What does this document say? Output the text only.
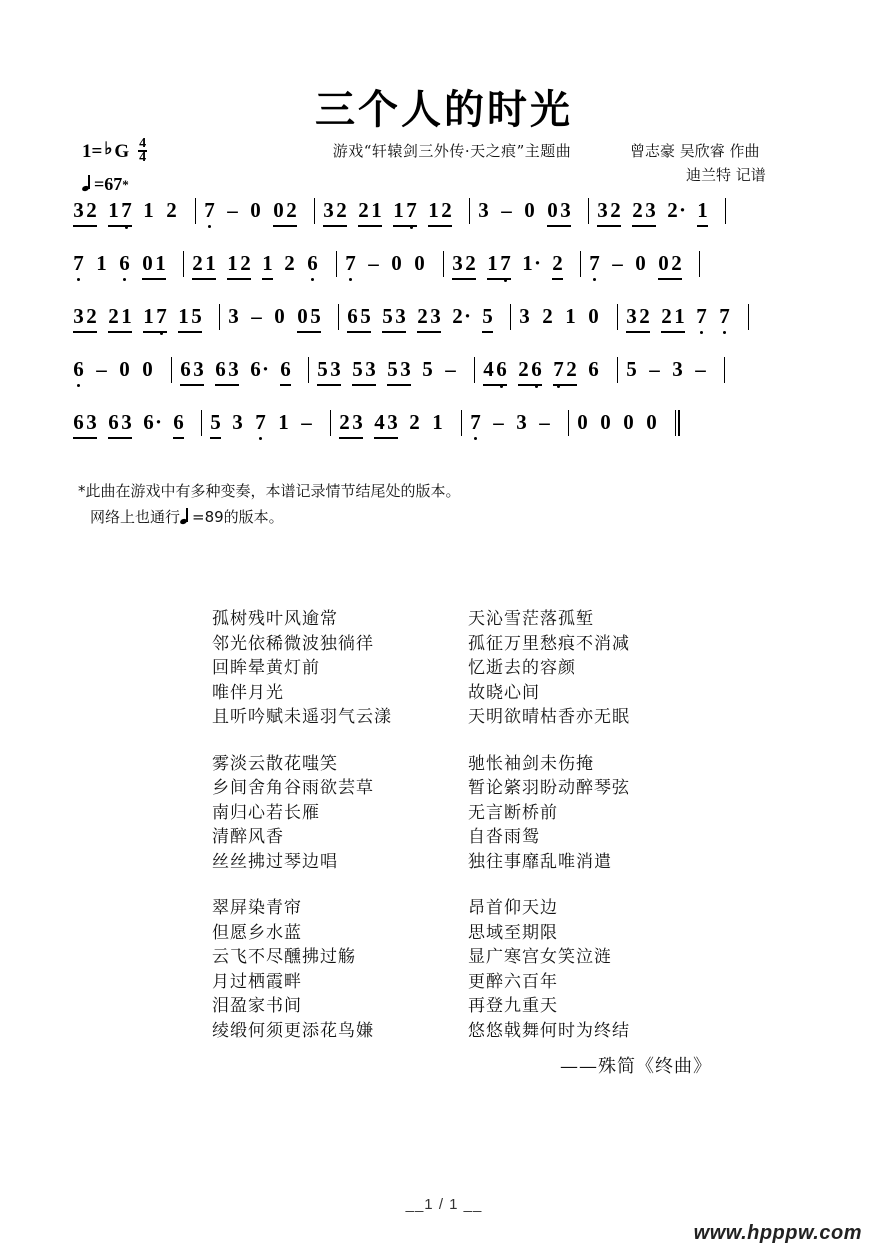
三个人的时光
游戏“轩辕剑三外传·天之痕”主题曲	曾志豪 吴欣睿 作曲
迪兰特 记谱
1= ♭ G $\frac{4}{4}$
= 67 *
3 2 1 7 1 2 7 – 0 0 2 3 2 2 1 1 7 1 2 3 – 0 0 3 3 2 2 3 2 · 1
7 1 6 0 1 2 1 1 2 1 2 6 7 – 0 0 3 2 1 7 1 · 2 7 – 0 0 2
3 2 2 1 1 7 1 5 3 – 0 0 5 6 5 5 3 2 3 2 · 5 3 2 1 0 3 2 2 1 7 7
6 – 0 0 6 3 6 3 6 · 6 5 3 5 3 5 3 5 – 4 6 2 6 7 2 6 5 – 3 –
6 3 6 3 6 · 6 5 3 7 1 – 2 3 4 3 2 1 7 – 3 – 0 0 0 0
*此曲在游戏中有多种变奏，本谱记录情节结尾处的版本。
网络上也通行 = 89的版本。
孤树残叶风逾常	天沁雪茫落孤堑
邻光依稀微波独徜徉	孤征万里愁痕不消减
回眸晕黄灯前	忆逝去的容颜
唯伴月光	故晓心间
且听吟赋未遥羽气云漾	天明欲晴枯香亦无眠
雾淡云散花嗤笑	驰怅袖剑未伤掩
乡间舍角谷雨欲芸草	暂论綮羽盼动醉琴弦
南归心若长雁	无言断桥前
清醉风香	自沓雨鸳
丝丝拂过琴边唱	独往事靡乱唯消遣
翠屏染青帘	昂首仰天边
但愿乡水蓝	思域至期限
云飞不尽醺拂过觞	显广寒宫女笑泣涟
月过栖霞畔	更醉六百年
泪盈家书间	再登九重天
绫缎何须更添花鸟嫌	悠悠戟舞何时为终结
——殊简《终曲》
__1 / 1 __
www.hpppw.com
